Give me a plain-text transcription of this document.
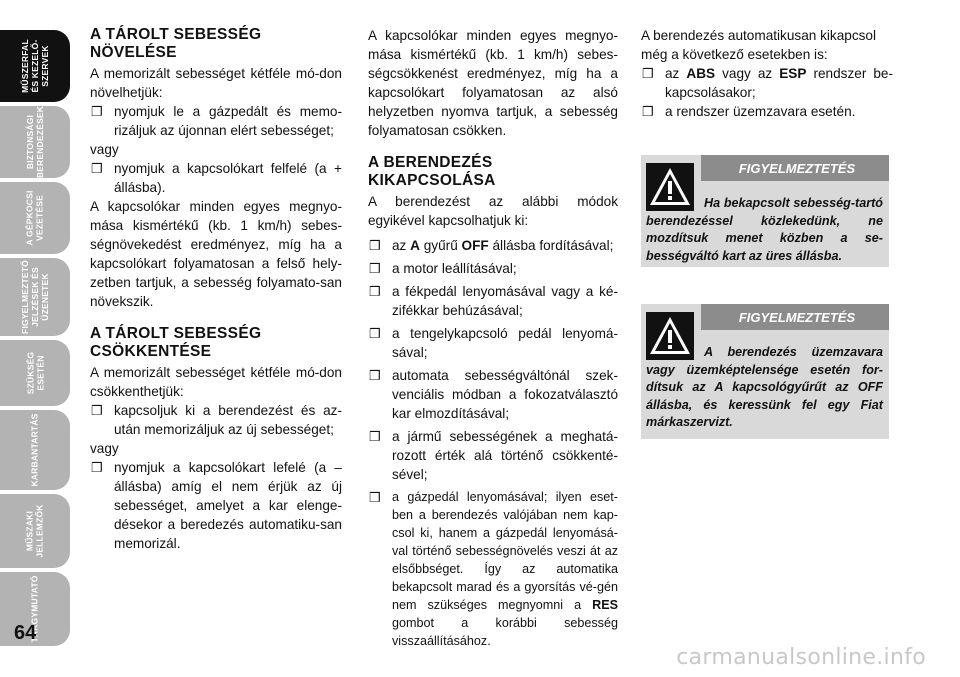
MŰSZERFAL
ÉS KEZELŐ-
SZERVEK
BIZTONSÁGI
BERENDEZÉSEK
A GÉPKOCSI
VEZETÉSE
FIGYELMEZTETŐ
JELZÉSEK ÉS
ÜZENETEK
SZÜKSÉG
ESETÉN
KARBANTARTÁS
MŰSZAKI
JELLEMZŐK
TÁRGYMUTATÓ
64
A TÁROLT SEBESSÉG
NÖVELÉSE

A memorizált sebességet kétféle mó-don növelhetjük:

❒ nyomjuk le a gázpedált és memo-rizáljuk az újonnan elért sebességet;

vagy

❒ nyomjuk a kapcsolókart felfelé (a + állásba).

A kapcsolókar minden egyes megnyo-mása kismértékű (kb. 1 km/h) sebes-ségnövekedést eredményez, míg ha a kapcsolókart folyamatosan a felső hely-zetben tartjuk, a sebesség folyamato-san növekszik.

A TÁROLT SEBESSÉG
CSÖKKENTÉSE

A memorizált sebességet kétféle mó-don csökkenthetjük:

❒ kapcsoljuk ki a berendezést és az-után memorizáljuk az új sebességet;

vagy

❒ nyomjuk a kapcsolókart lefelé (a – állásba) amíg el nem érjük az új sebességet, amelyet a kar elenge-désekor a beredezés automatiku-san memorizál.

A kapcsolókar minden egyes megnyo-mása kismértékű (kb. 1 km/h) sebes-ségcsökkenést eredményez, míg ha a kapcsolókart folyamatosan az alsó helyzetben nyomva tartjuk, a sebesség folyamatosan csökken.

A BERENDEZÉS
KIKAPCSOLÁSA

A berendezést az alábbi módok egyikével kapcsolhatjuk ki:

❒ az A gyűrű OFF állásba fordításával;
❒ a motor leállításával;
❒ a fékpedál lenyomásával vagy a ké-zifékkar behúzásával;
❒ a tengelykapcsoló pedál lenyomá-sával;
❒ automata sebességváltónál szek-venciális módban a fokozatválasztó kar elmozdításával;
❒ a jármű sebességének a meghatá-rozott érték alá történő csökkenté-sével;
❒ a gázpedál lenyomásával; ilyen eset-ben a berendezés valójában nem kap-csol ki, hanem a gázpedál lenyomásá-val történő sebességnövelés veszi át az elsőbbséget. Így az automatika bekapcsolt marad és a gyorsítás vé-gén nem szükséges megnyomni a RES gombot a korábbi sebesség visszaállításához.

A berendezés automatikusan kikapcsol még a következő esetekben is:

❒ az ABS vagy az ESP rendszer be-kapcsolásakor;
❒ a rendszer üzemzavara esetén.
FIGYELMEZTETÉS
Ha bekapcsolt sebesség-tartó berendezéssel közlekedünk, ne mozdítsuk menet közben a se-bességváltó kart az üres állásba.
FIGYELMEZTETÉS
A berendezés üzemzavara vagy üzemképtelensége esetén for-dítsuk az A kapcsológyűrűt az OFF állásba, és keressünk fel egy Fiat márkaszervizt.
carmanualsonline.info
